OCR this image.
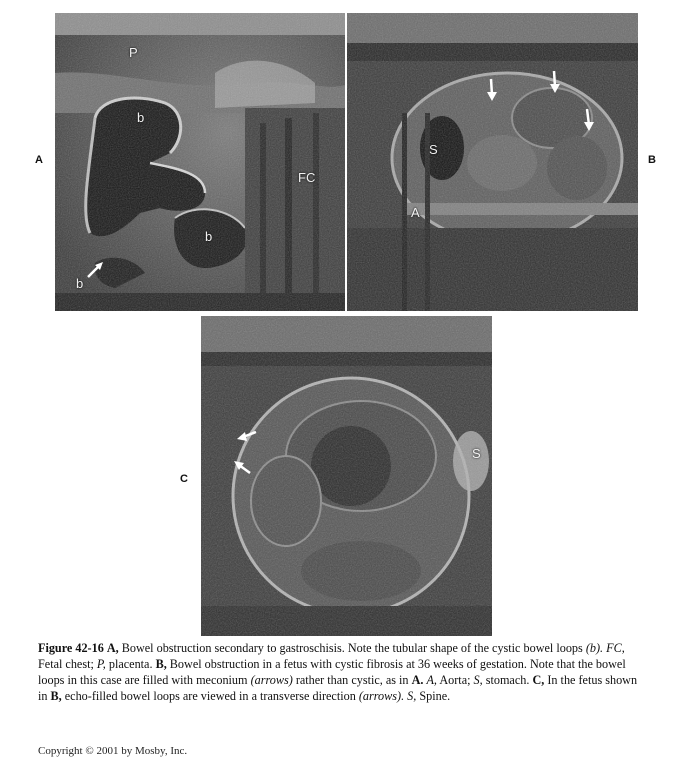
P
b
FC
b
b
A
S
A
B
S
C
Figure 42-16 A, Bowel obstruction secondary to gastroschisis. Note the tubular shape of the cystic bowel loops (b). FC, Fetal chest; P, placenta. B, Bowel obstruction in a fetus with cystic fibrosis at 36 weeks of gestation. Note that the bowel loops in this case are filled with meconium (arrows) rather than cystic, as in A. A, Aorta; S, stomach. C, In the fetus shown in B, echo-filled bowel loops are viewed in a transverse direction (arrows). S, Spine.
Copyright © 2001 by Mosby, Inc.
